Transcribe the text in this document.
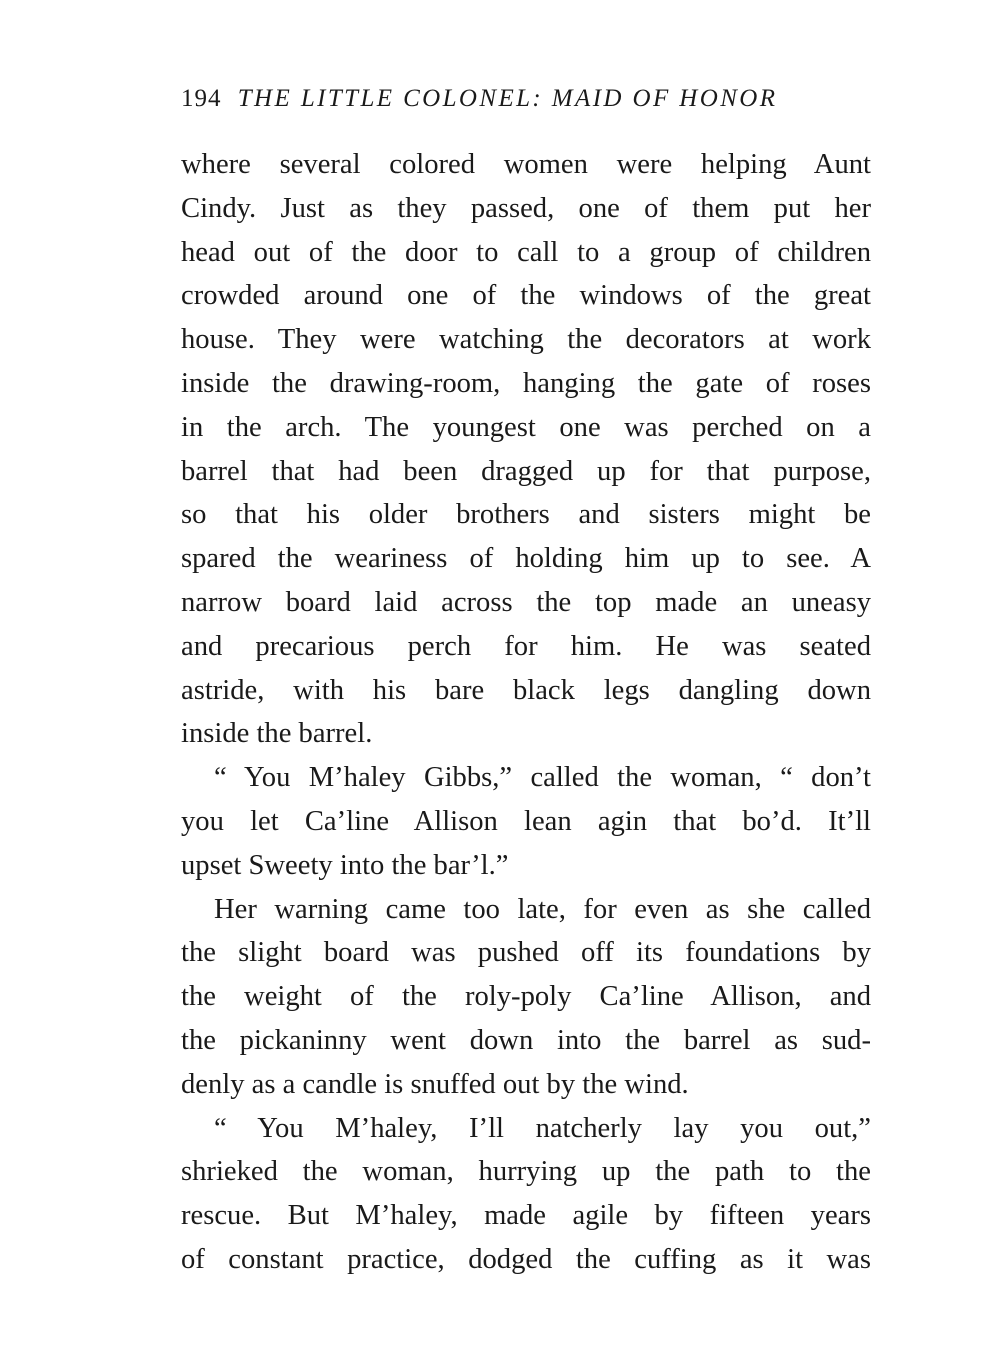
194 THE LITTLE COLONEL: MAID OF HONOR
where several colored women were helping Aunt
Cindy. Just as they passed, one of them put her
head out of the door to call to a group of children
crowded around one of the windows of the great
house. They were watching the decorators at work
inside the drawing-room, hanging the gate of roses
in the arch. The youngest one was perched on a
barrel that had been dragged up for that purpose,
so that his older brothers and sisters might be
spared the weariness of holding him up to see. A
narrow board laid across the top made an uneasy
and precarious perch for him. He was seated
astride, with his bare black legs dangling down
inside the barrel.
“ You M’haley Gibbs,” called the woman, “ don’t
you let Ca’line Allison lean agin that bo’d. It’ll
upset Sweety into the bar’l.”
Her warning came too late, for even as she called
the slight board was pushed off its foundations by
the weight of the roly-poly Ca’line Allison, and
the pickaninny went down into the barrel as sud-
denly as a candle is snuffed out by the wind.
“ You M’haley, I’ll natcherly lay you out,”
shrieked the woman, hurrying up the path to the
rescue. But M’haley, made agile by fifteen years
of constant practice, dodged the cuffing as it was
